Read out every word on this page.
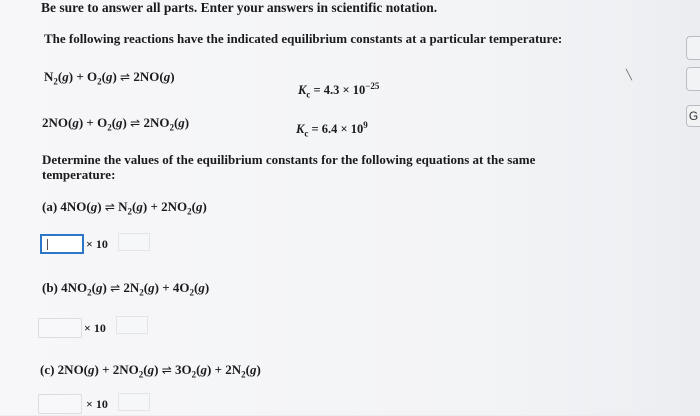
Be sure to answer all parts. Enter your answers in scientific notation.
The following reactions have the indicated equilibrium constants at a particular temperature:
$N_2(g) + O_2(g)$ ⇌ 2NO(g)
$K_c = 4.3 \times 10^{-25}$
$2NO(g) + O_2(g)$ ⇌ $2NO_2(g)$	$K_c = 6.4 \times 10^9$
Determine the values of the equilibrium constants for the following equations at the same temperature:
(a) 4NO(g) ⇌ $N_2(g) + 2NO_2(g)$
× 10
(b) $4NO_2(g)$ ⇌ $2N_2(g) + 4O_2(g)$
× 10
(c) $2NO(g) + 2NO_2(g)$ ⇌ $3O_2(g) + 2N_2(g)$
× 10
╲
G
